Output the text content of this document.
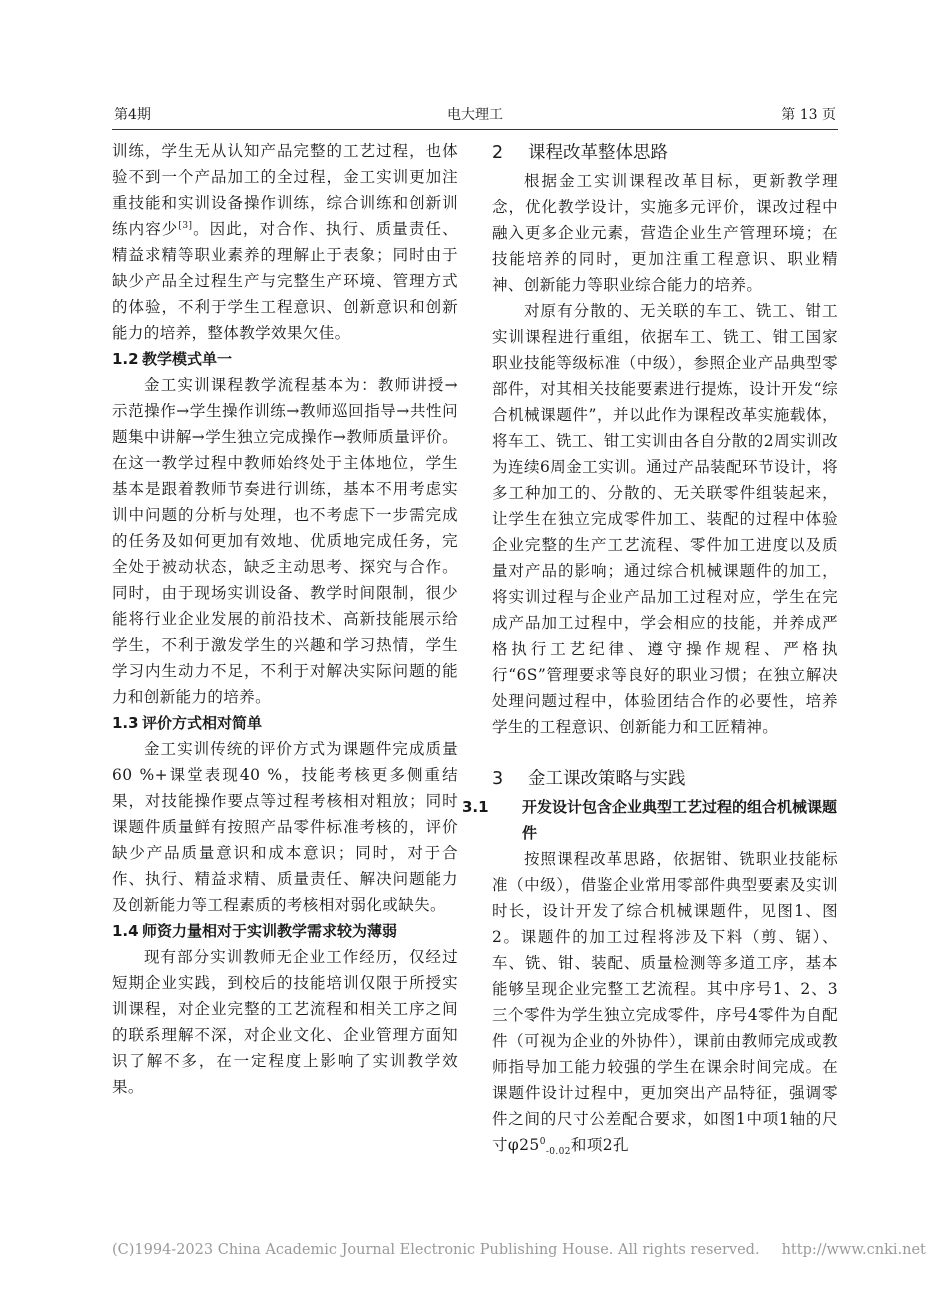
第4期	电大理工	第 13 页

训练，学生无从认知产品完整的工艺过程，也体验不到一个产品加工的全过程，金工实训更加注重技能和实训设备操作训练，综合训练和创新训练内容少[3]。因此，对合作、执行、质量责任、精益求精等职业素养的理解止于表象；同时由于缺少产品全过程生产与完整生产环境、管理方式的体验，不利于学生工程意识、创新意识和创新能力的培养，整体教学效果欠佳。

1.2 教学模式单一

金工实训课程教学流程基本为：教师讲授→示范操作→学生操作训练→教师巡回指导→共性问题集中讲解→学生独立完成操作→教师质量评价。在这一教学过程中教师始终处于主体地位，学生基本是跟着教师节奏进行训练，基本不用考虑实训中问题的分析与处理，也不考虑下一步需完成的任务及如何更加有效地、优质地完成任务，完全处于被动状态，缺乏主动思考、探究与合作。同时，由于现场实训设备、教学时间限制，很少能将行业企业发展的前沿技术、高新技能展示给学生，不利于激发学生的兴趣和学习热情，学生学习内生动力不足，不利于对解决实际问题的能力和创新能力的培养。

1.3 评价方式相对简单

金工实训传统的评价方式为课题件完成质量60 %+课堂表现40 %，技能考核更多侧重结果，对技能操作要点等过程考核相对粗放；同时课题件质量鲜有按照产品零件标准考核的，评价缺少产品质量意识和成本意识；同时，对于合作、执行、精益求精、质量责任、解决问题能力及创新能力等工程素质的考核相对弱化或缺失。

1.4 师资力量相对于实训教学需求较为薄弱

现有部分实训教师无企业工作经历，仅经过短期企业实践，到校后的技能培训仅限于所授实训课程，对企业完整的工艺流程和相关工序之间的联系理解不深，对企业文化、企业管理方面知识了解不多，在一定程度上影响了实训教学效果。

2 课程改革整体思路

根据金工实训课程改革目标，更新教学理念，优化教学设计，实施多元评价，课改过程中融入更多企业元素，营造企业生产管理环境；在技能培养的同时，更加注重工程意识、职业精神、创新能力等职业综合能力的培养。

对原有分散的、无关联的车工、铣工、钳工实训课程进行重组，依据车工、铣工、钳工国家职业技能等级标准（中级），参照企业产品典型零部件，对其相关技能要素进行提炼，设计开发“综合机械课题件”，并以此作为课程改革实施载体，将车工、铣工、钳工实训由各自分散的2周实训改为连续6周金工实训。通过产品装配环节设计，将多工种加工的、分散的、无关联零件组装起来，让学生在独立完成零件加工、装配的过程中体验企业完整的生产工艺流程、零件加工进度以及质量对产品的影响；通过综合机械课题件的加工，将实训过程与企业产品加工过程对应，学生在完成产品加工过程中，学会相应的技能，并养成严格执行工艺纪律、遵守操作规程、严格执行“6S”管理要求等良好的职业习惯；在独立解决处理问题过程中，体验团结合作的必要性，培养学生的工程意识、创新能力和工匠精神。

3 金工课改策略与实践
3.1 开发设计包含企业典型工艺过程的组合机械课题件

按照课程改革思路，依据钳、铣职业技能标准（中级），借鉴企业常用零部件典型要素及实训时长，设计开发了综合机械课题件，见图1、图2。课题件的加工过程将涉及下料（剪、锯）、车、铣、钳、装配、质量检测等多道工序，基本能够呈现企业完整工艺流程。其中序号1、2、3三个零件为学生独立完成零件，序号4零件为自配件（可视为企业的外协件），课前由教师完成或教师指导加工能力较强的学生在课余时间完成。在课题件设计过程中，更加突出产品特征，强调零件之间的尺寸公差配合要求，如图1中项1轴的尺寸$\varphi 25^0_{-0.02}$和项2孔

(C)1994-2023 China Academic Journal Electronic Publishing House. All rights reserved. http://www.cnki.net
